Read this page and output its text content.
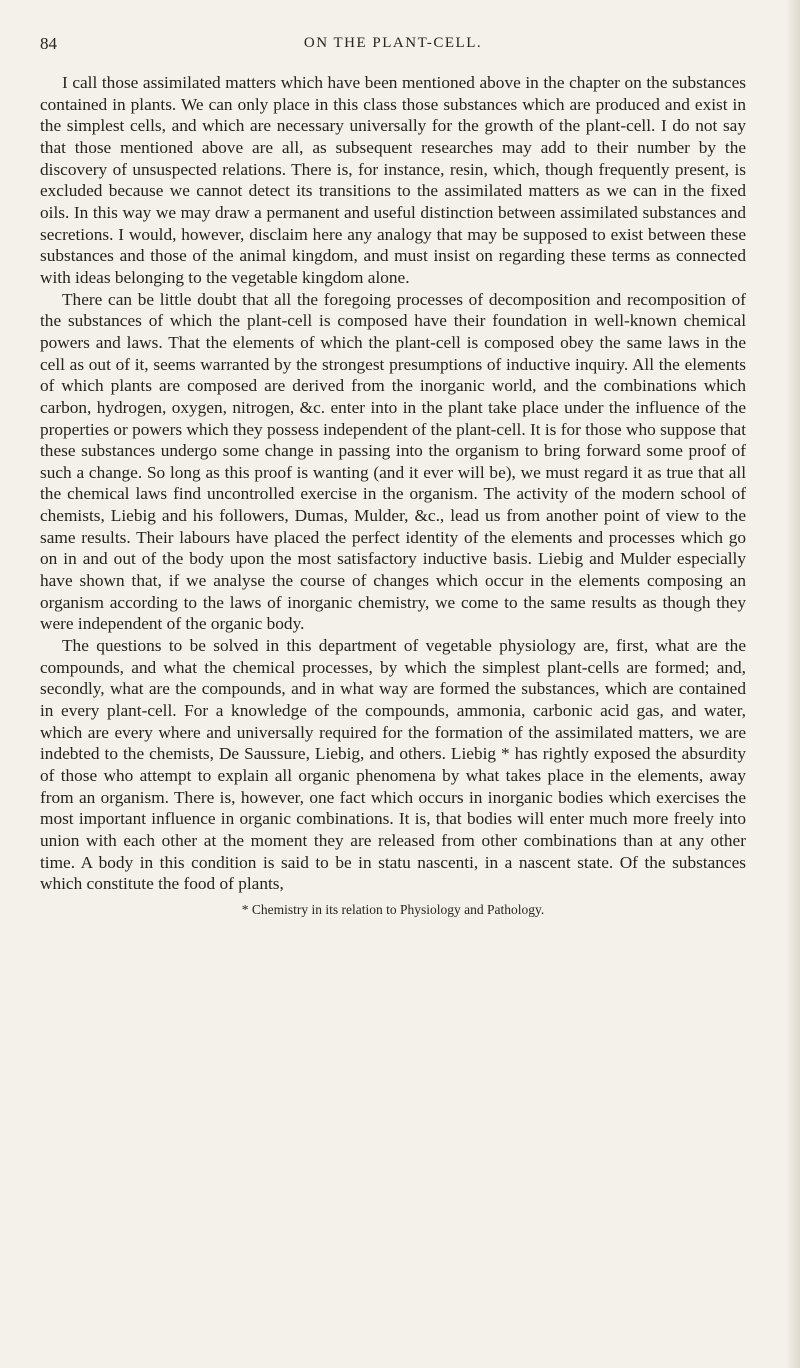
84	ON THE PLANT-CELL.

I call those assimilated matters which have been mentioned above in the chapter on the substances contained in plants. We can only place in this class those substances which are produced and exist in the simplest cells, and which are necessary universally for the growth of the plant-cell. I do not say that those mentioned above are all, as subsequent researches may add to their number by the discovery of unsuspected relations. There is, for instance, resin, which, though frequently present, is excluded because we cannot detect its transitions to the assimilated matters as we can in the fixed oils. In this way we may draw a permanent and useful distinction between assimilated substances and secretions. I would, however, disclaim here any analogy that may be supposed to exist between these substances and those of the animal kingdom, and must insist on regarding these terms as connected with ideas belonging to the vegetable kingdom alone.

There can be little doubt that all the foregoing processes of decomposition and recomposition of the substances of which the plant-cell is composed have their foundation in well-known chemical powers and laws. That the elements of which the plant-cell is composed obey the same laws in the cell as out of it, seems warranted by the strongest presumptions of inductive inquiry. All the elements of which plants are composed are derived from the inorganic world, and the combinations which carbon, hydrogen, oxygen, nitrogen, &c. enter into in the plant take place under the influence of the properties or powers which they possess independent of the plant-cell. It is for those who suppose that these substances undergo some change in passing into the organism to bring forward some proof of such a change. So long as this proof is wanting (and it ever will be), we must regard it as true that all the chemical laws find uncontrolled exercise in the organism. The activity of the modern school of chemists, Liebig and his followers, Dumas, Mulder, &c., lead us from another point of view to the same results. Their labours have placed the perfect identity of the elements and processes which go on in and out of the body upon the most satisfactory inductive basis. Liebig and Mulder especially have shown that, if we analyse the course of changes which occur in the elements composing an organism according to the laws of inorganic chemistry, we come to the same results as though they were independent of the organic body.

The questions to be solved in this department of vegetable physiology are, first, what are the compounds, and what the chemical processes, by which the simplest plant-cells are formed; and, secondly, what are the compounds, and in what way are formed the substances, which are contained in every plant-cell. For a knowledge of the compounds, ammonia, carbonic acid gas, and water, which are every where and universally required for the formation of the assimilated matters, we are indebted to the chemists, De Saussure, Liebig, and others. Liebig * has rightly exposed the absurdity of those who attempt to explain all organic phenomena by what takes place in the elements, away from an organism. There is, however, one fact which occurs in inorganic bodies which exercises the most important influence in organic combinations. It is, that bodies will enter much more freely into union with each other at the moment they are released from other combinations than at any other time. A body in this condition is said to be in statu nascenti, in a nascent state. Of the substances which constitute the food of plants,

* Chemistry in its relation to Physiology and Pathology.
